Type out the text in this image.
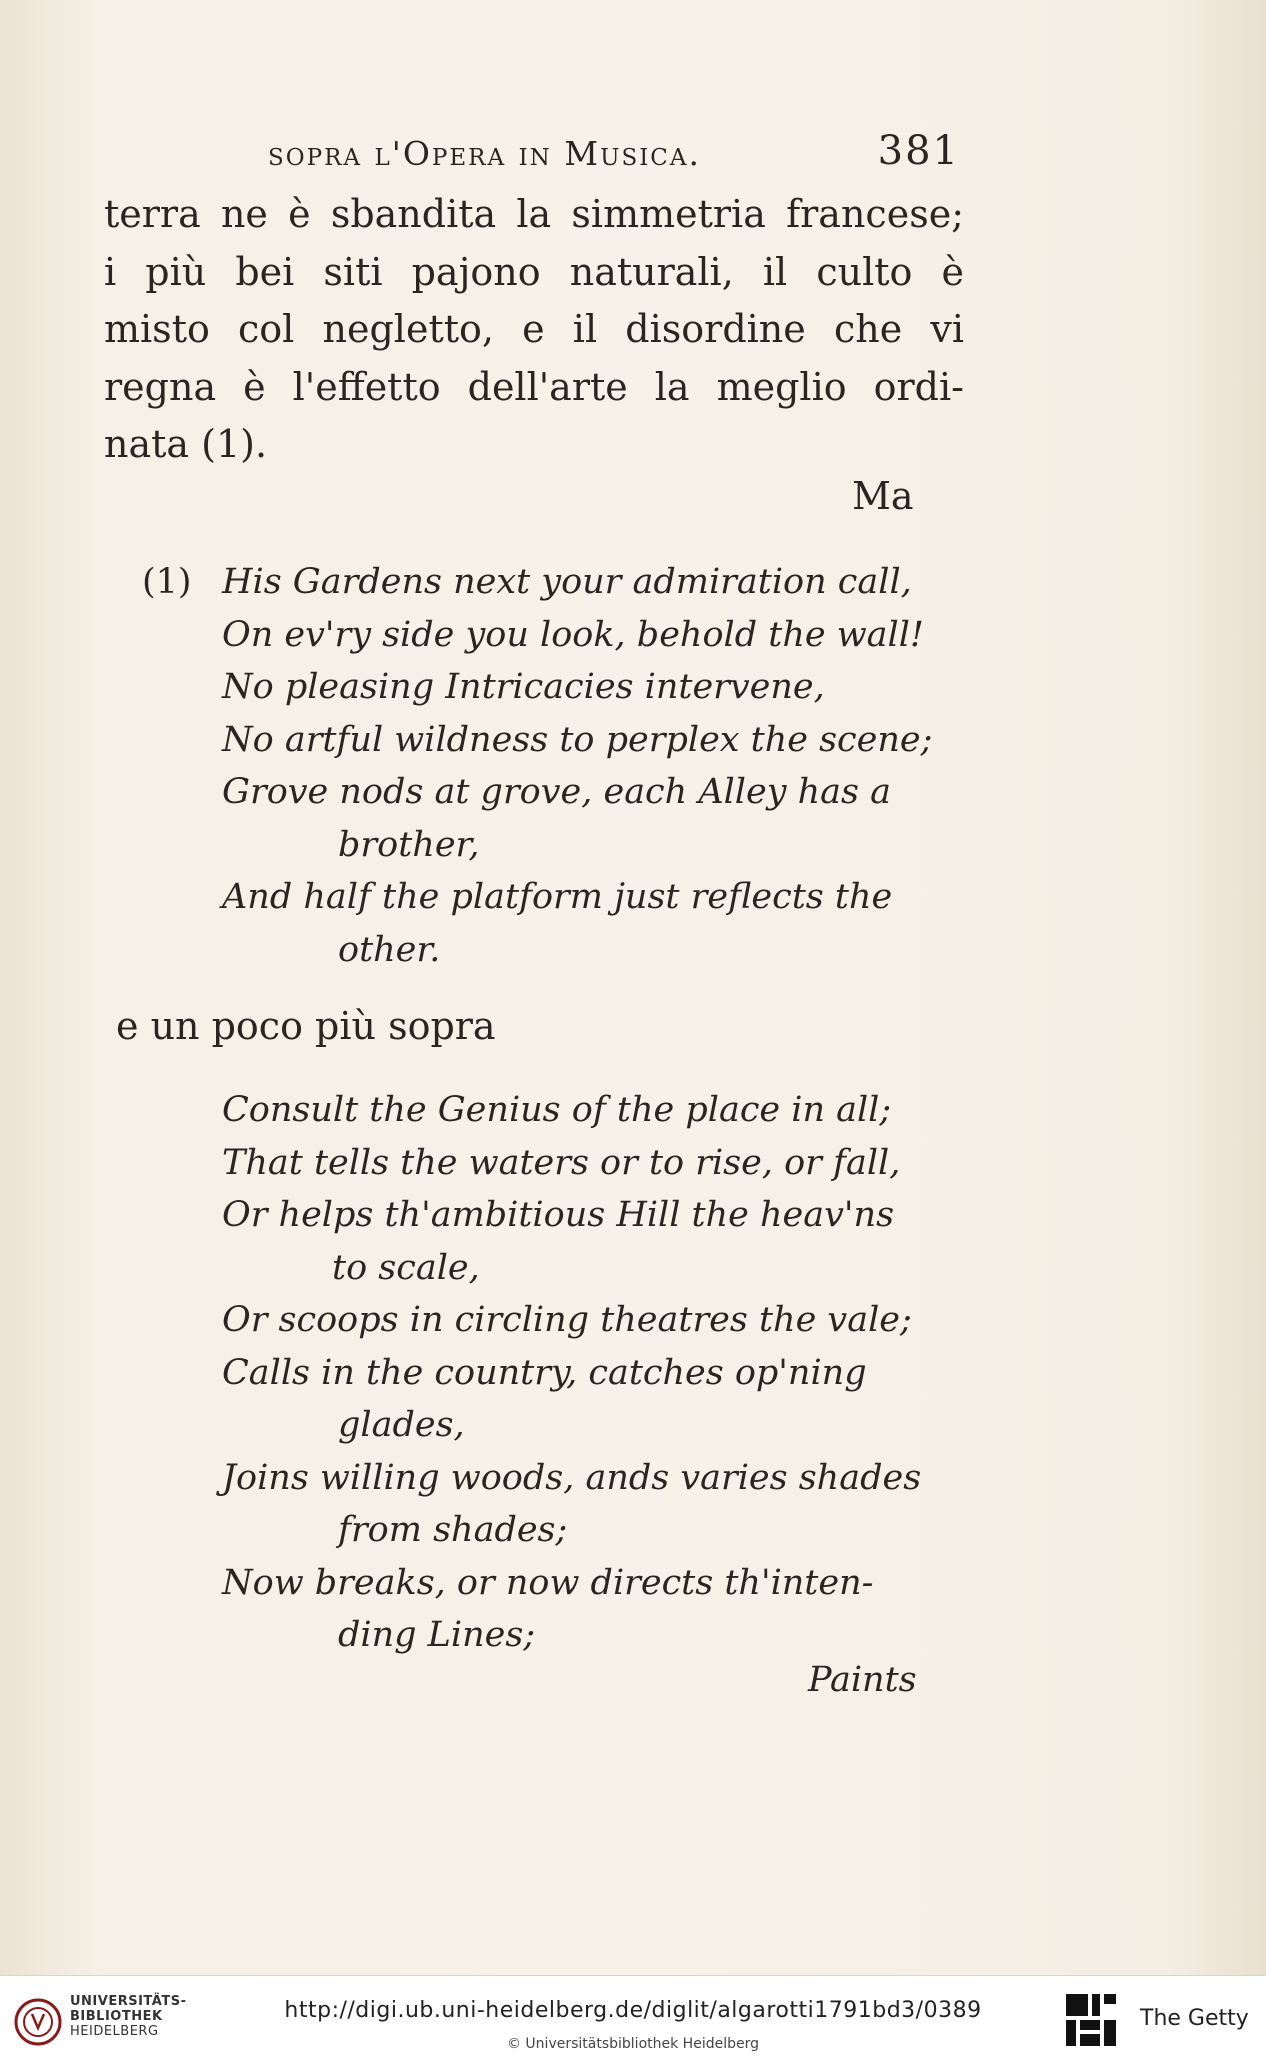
sopra l'Opera in Musica.	381
terra ne è sbandita la simmetria francese;
i più bei siti pajono naturali, il culto è
misto col negletto, e il disordine che vi
regna è l'effetto dell'arte la meglio ordi-
nata (1).
Ma
(1) His Gardens next your admiration call,
On ev'ry side you look, behold the wall!
No pleasing Intricacies intervene,
No artful wildness to perplex the scene;
Grove nods at grove, each Alley has a
brother,
And half the platform just reflects the
other.
e un poco più sopra
Consult the Genius of the place in all;
That tells the waters or to rise, or fall,
Or helps th'ambitious Hill the heav'ns
to scale,
Or scoops in circling theatres the vale;
Calls in the country, catches op'ning
glades,
Joins willing woods, ands varies shades
from shades;
Now breaks, or now directs th'inten-
ding Lines;
Paints
UNIVERSITÄTS-
BIBLIOTHEK
HEIDELBERG
http://digi.ub.uni-heidelberg.de/diglit/algarotti1791bd3/0389
© Universitätsbibliothek Heidelberg
The Getty
